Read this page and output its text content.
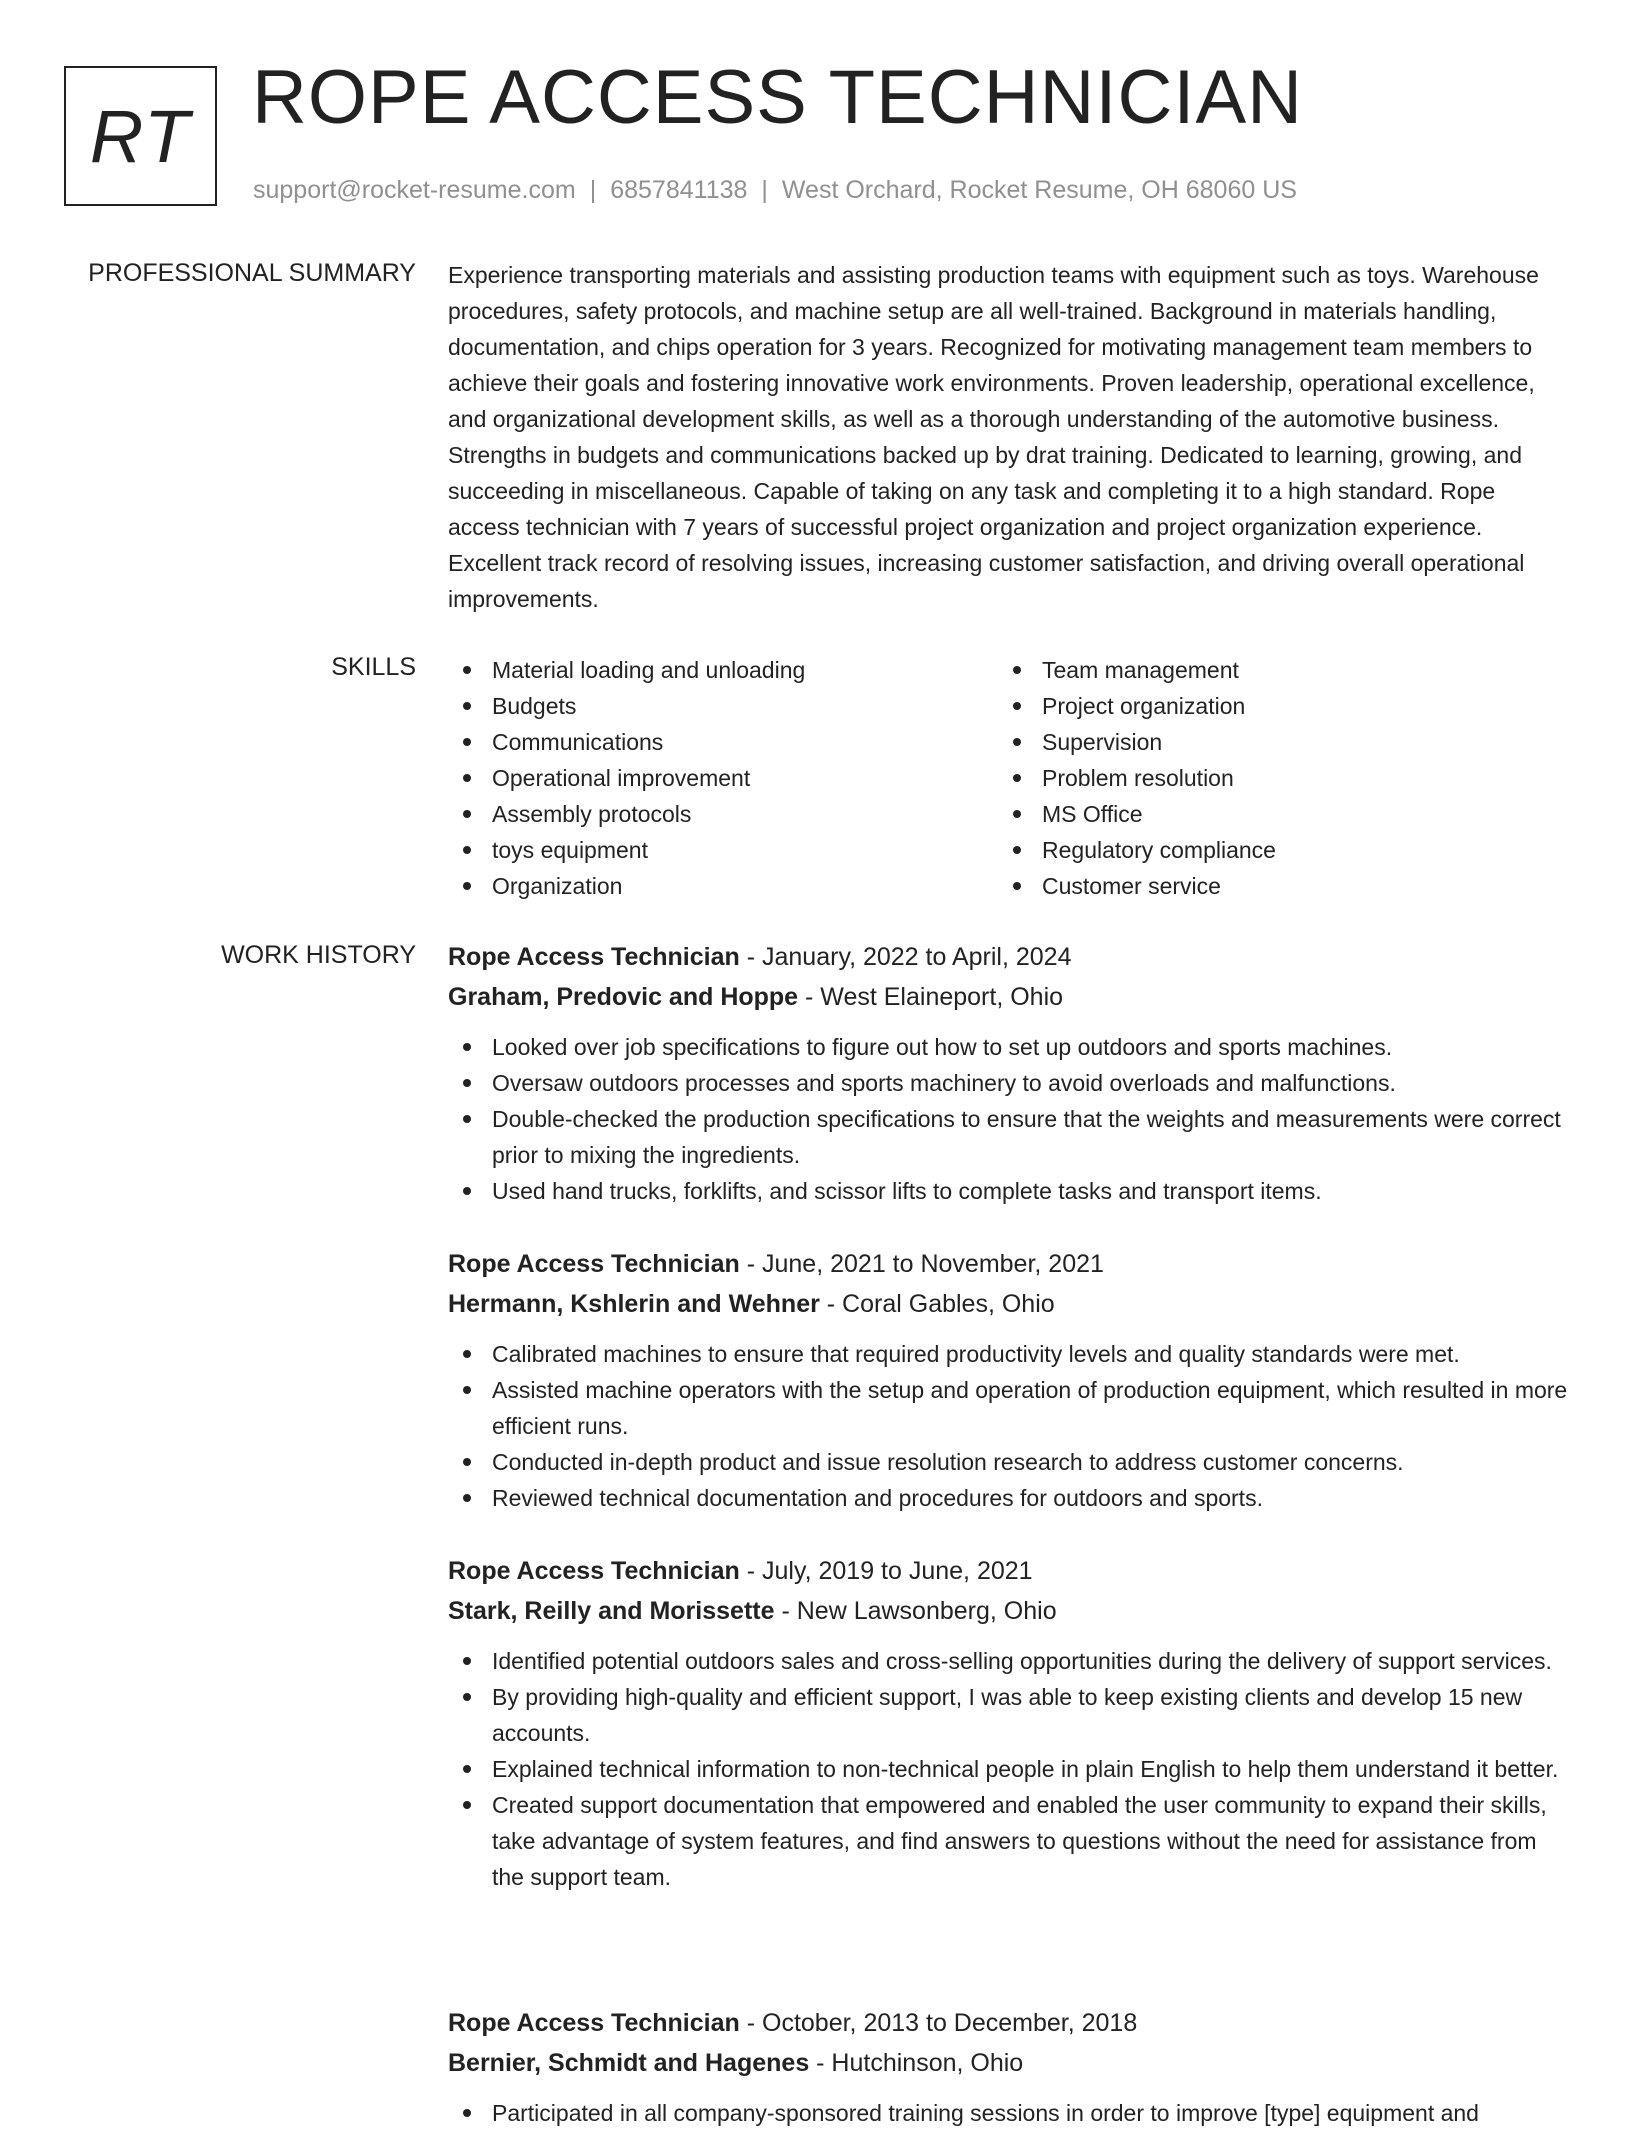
RT ROPE ACCESS TECHNICIAN
support@rocket-resume.com | 6857841138 | West Orchard, Rocket Resume, OH 68060 US
PROFESSIONAL SUMMARY Experience transporting materials and assisting production teams with equipment such as toys. Warehouse procedures, safety protocols, and machine setup are all well-trained. Background in materials handling, documentation, and chips operation for 3 years. Recognized for motivating management team members to achieve their goals and fostering innovative work environments. Proven leadership, operational excellence, and organizational development skills, as well as a thorough understanding of the automotive business. Strengths in budgets and communications backed up by drat training. Dedicated to learning, growing, and succeeding in miscellaneous. Capable of taking on any task and completing it to a high standard. Rope access technician with 7 years of successful project organization and project organization experience. Excellent track record of resolving issues, increasing customer satisfaction, and driving overall operational improvements.

SKILLS	Material loading and unloading
Budgets
Communications
Operational improvement
Assembly protocols
toys equipment
Organization
Team management
Project organization
Supervision
Problem resolution
MS Office
Regulatory compliance
Customer service
WORK HISTORY Rope Access Technician - January, 2022 to April, 2024
Graham, Predovic and Hoppe - West Elaineport, Ohio
Looked over job specifications to figure out how to set up outdoors and sports machines.
Oversaw outdoors processes and sports machinery to avoid overloads and malfunctions.
Double-checked the production specifications to ensure that the weights and measurements were correct prior to mixing the ingredients.
Used hand trucks, forklifts, and scissor lifts to complete tasks and transport items.
Rope Access Technician - June, 2021 to November, 2021
Hermann, Kshlerin and Wehner - Coral Gables, Ohio
Calibrated machines to ensure that required productivity levels and quality standards were met.
Assisted machine operators with the setup and operation of production equipment, which resulted in more efficient runs.
Conducted in-depth product and issue resolution research to address customer concerns.
Reviewed technical documentation and procedures for outdoors and sports.
Rope Access Technician - July, 2019 to June, 2021
Stark, Reilly and Morissette - New Lawsonberg, Ohio
Identified potential outdoors sales and cross-selling opportunities during the delivery of support services.
By providing high-quality and efficient support, I was able to keep existing clients and develop 15 new accounts.
Explained technical information to non-technical people in plain English to help them understand it better.
Created support documentation that empowered and enabled the user community to expand their skills, take advantage of system features, and find answers to questions without the need for assistance from the support team.
Rope Access Technician - October, 2013 to December, 2018
Bernier, Schmidt and Hagenes - Hutchinson, Ohio
Participated in all company-sponsored training sessions in order to improve [type] equipment and
